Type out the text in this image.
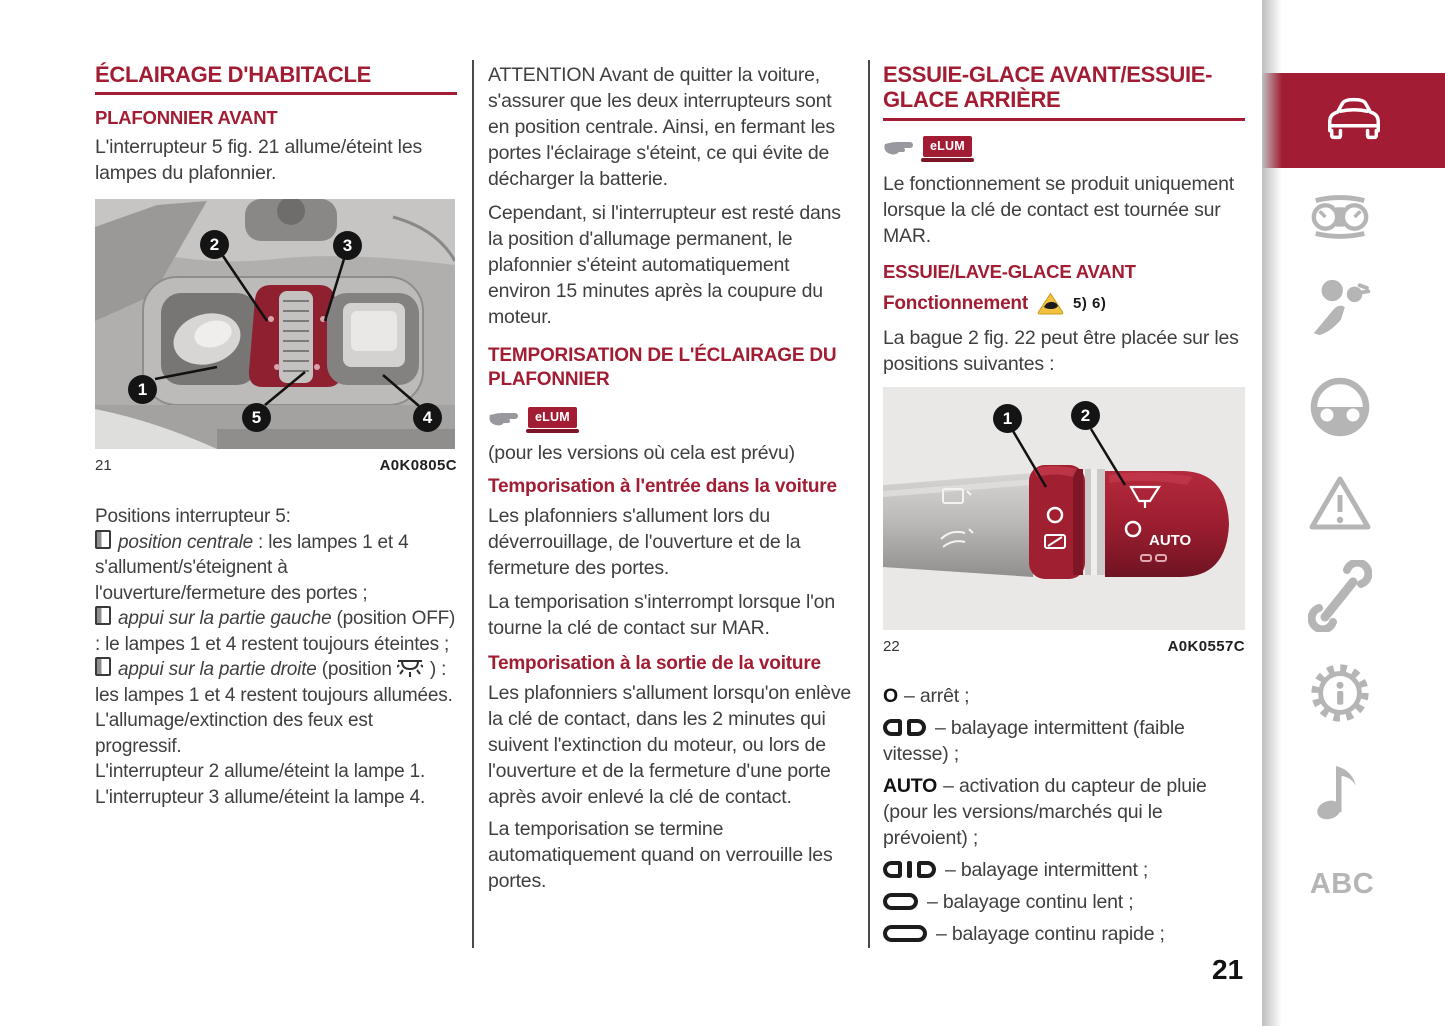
ÉCLAIRAGE D'HABITACLE
PLAFONNIER AVANT

L'interrupteur 5 fig. 21 allume/éteint les lampes du plafonnier.

1
2	3
4
5
21	A0K0805C

Positions interrupteur 5:

position centrale : les lampes 1 et 4 s'allument/s'éteignent à l'ouverture/fermeture des portes ;

appui sur la partie gauche (position OFF) : le lampes 1 et 4 restent toujours éteintes ;

appui sur la partie droite (position  ) : les lampes 1 et 4 restent toujours allumées.

L'allumage/extinction des feux est progressif.

L'interrupteur 2 allume/éteint la lampe 1.

L'interrupteur 3 allume/éteint la lampe 4.

ATTENTION Avant de quitter la voiture, s'assurer que les deux interrupteurs sont en position centrale. Ainsi, en fermant les portes l'éclairage s'éteint, ce qui évite de décharger la batterie.

Cependant, si l'interrupteur est resté dans la position d'allumage permanent, le plafonnier s'éteint automatiquement environ 15 minutes après la coupure du moteur.

TEMPORISATION DE L'ÉCLAIRAGE DU PLAFONNIER
eLUM

(pour les versions où cela est prévu)

Temporisation à l'entrée dans la voiture

Les plafonniers s'allument lors du déverrouillage, de l'ouverture et de la fermeture des portes.

La temporisation s'interrompt lorsque l'on tourne la clé de contact sur MAR.

Temporisation à la sortie de la voiture

Les plafonniers s'allument lorsqu'on enlève la clé de contact, dans les 2 minutes qui suivent l'extinction du moteur, ou lors de l'ouverture et de la fermeture d'une porte après avoir enlevé la clé de contact.

La temporisation se termine automatiquement quand on verrouille les portes.

ESSUIE-GLACE AVANT/ESSUIE-GLACE ARRIÈRE
eLUM

Le fonctionnement se produit uniquement lorsque la clé de contact est tournée sur MAR.

ESSUIE/LAVE-GLACE AVANT
Fonctionnement	5) 6)

La bague 2 fig. 22 peut être placée sur les positions suivantes :

AUTO
1	2
22	A0K0557C
O – arrêt ;
– balayage intermittent (faible vitesse) ;
AUTO – activation du capteur de pluie (pour les versions/marchés qui le prévoient) ;
– balayage intermittent ;
– balayage continu lent ;
– balayage continu rapide ;
ABC
21
